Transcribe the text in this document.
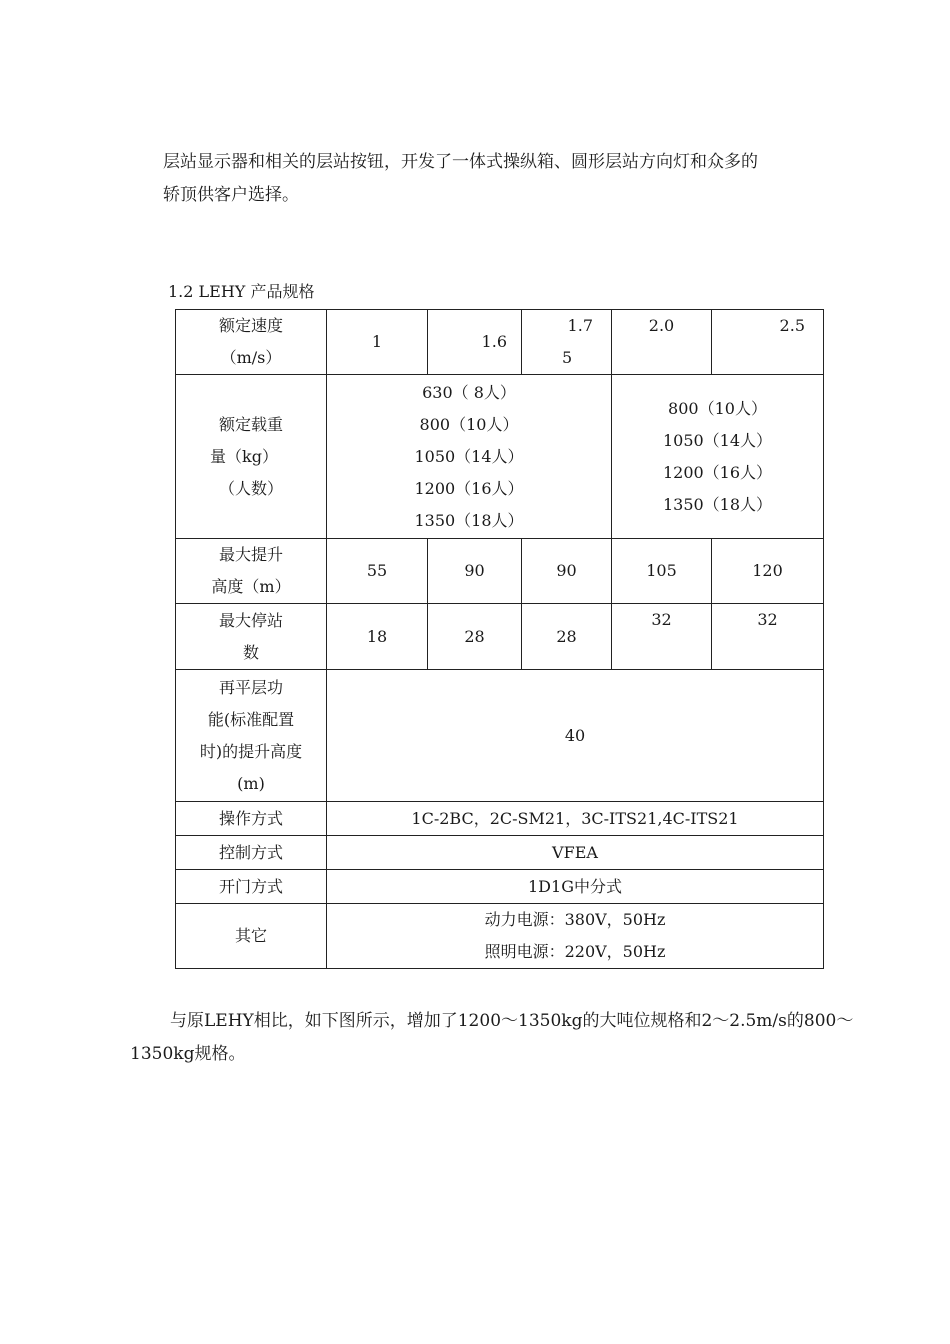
层站显示器和相关的层站按钮，开发了一体式操纵箱、圆形层站方向灯和众多的
轿顶供客户选择。

1.2 LEHY 产品规格
额定速度
（m/s）	1	1.6	1.7
5	2.0	2.5

额定载重
量（kg）
（人数）	630（ 8人）
800（10人）
1050（14人）
1200（16人）
1350（18人）			800（10人）
1050（14人）
1200（16人）
1350（18人）	

最大提升
高度（m）	55	90	90	105	120

最大停站
数	18	28	28	32	32

再平层功
能(标准配置
时)的提升高度
(m)	40				
操作方式	1C-2BC，2C-SM21，3C-ITS21,4C-ITS21				
控制方式	VFEA				
开门方式	1D1G中分式				
其它	动力电源：380V，50Hz
照明电源：220V，50Hz				

与原LEHY相比，如下图所示，增加了1200～1350kg的大吨位规格和2～2.5m/s的800～1350kg规格。
